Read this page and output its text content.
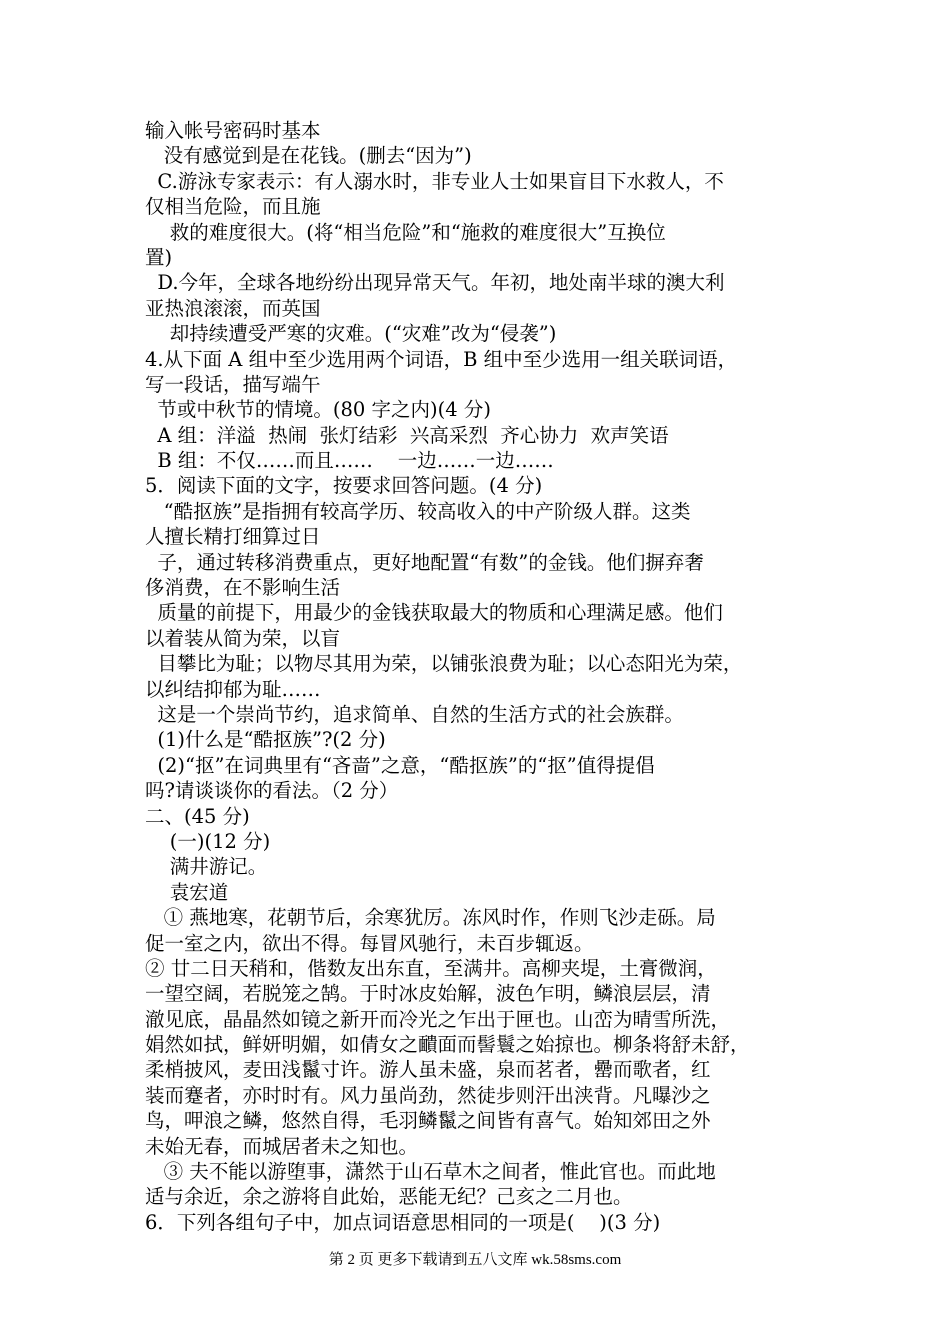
输入帐号密码时基本
没有感觉到是在花钱。(删去“因为”)
C.游泳专家表示：有人溺水时，非专业人士如果盲目下水救人，不
仅相当危险，而且施
救的难度很大。(将“相当危险”和“施救的难度很大”互换位
置)
D.今年，全球各地纷纷出现异常天气。年初，地处南半球的澳大利
亚热浪滚滚，而英国
却持续遭受严寒的灾难。(“灾难”改为“侵袭”)
4.从下面 A 组中至少选用两个词语，B 组中至少选用一组关联词语，
写一段话，描写端午
节或中秋节的情境。(80 字之内)(4 分)
A 组：洋溢  热闹  张灯结彩  兴高采烈  齐心协力  欢声笑语
B 组：不仅……而且……    一边……一边……
5．阅读下面的文字，按要求回答问题。(4 分)
“酷抠族”是指拥有较高学历、较高收入的中产阶级人群。这类
人擅长精打细算过日
子，通过转移消费重点，更好地配置“有数”的金钱。他们摒弃奢
侈消费，在不影响生活
质量的前提下，用最少的金钱获取最大的物质和心理满足感。他们
以着装从简为荣，以盲
目攀比为耻；以物尽其用为荣，以铺张浪费为耻；以心态阳光为荣，
以纠结抑郁为耻……
这是一个崇尚节约，追求简单、自然的生活方式的社会族群。
(1)什么是“酷抠族”?(2 分)
(2)“抠”在词典里有“吝啬”之意，“酷抠族”的“抠”值得提倡
吗?请谈谈你的看法。（2 分）
二、(45 分)
(一)(12 分)
满井游记。
袁宏道
① 燕地寒，花朝节后，余寒犹厉。冻风时作，作则飞沙走砾。局
促一室之内，欲出不得。每冒风驰行，未百步辄返。
② 廿二日天稍和，偕数友出东直，至满井。高柳夹堤，土膏微润，
一望空阔，若脱笼之鹄。于时冰皮始解，波色乍明，鳞浪层层，清
澈见底，晶晶然如镜之新开而冷光之乍出于匣也。山峦为晴雪所洗，
娟然如拭，鲜妍明媚，如倩女之靧面而髻鬟之始掠也。柳条将舒未舒，
柔梢披风，麦田浅鬣寸许。游人虽未盛，泉而茗者，罍而歌者，红
装而蹇者，亦时时有。风力虽尚劲，然徒步则汗出浃背。凡曝沙之
鸟，呷浪之鳞，悠然自得，毛羽鳞鬣之间皆有喜气。始知郊田之外
未始无春，而城居者未之知也。
③ 夫不能以游堕事，潇然于山石草木之间者，惟此官也。而此地
适与余近，余之游将自此始，恶能无纪？己亥之二月也。
6．下列各组句子中，加点词语意思相同的一项是(    )(3 分)
第 2 页 更多下载请到五八文库 wk.58sms.com
